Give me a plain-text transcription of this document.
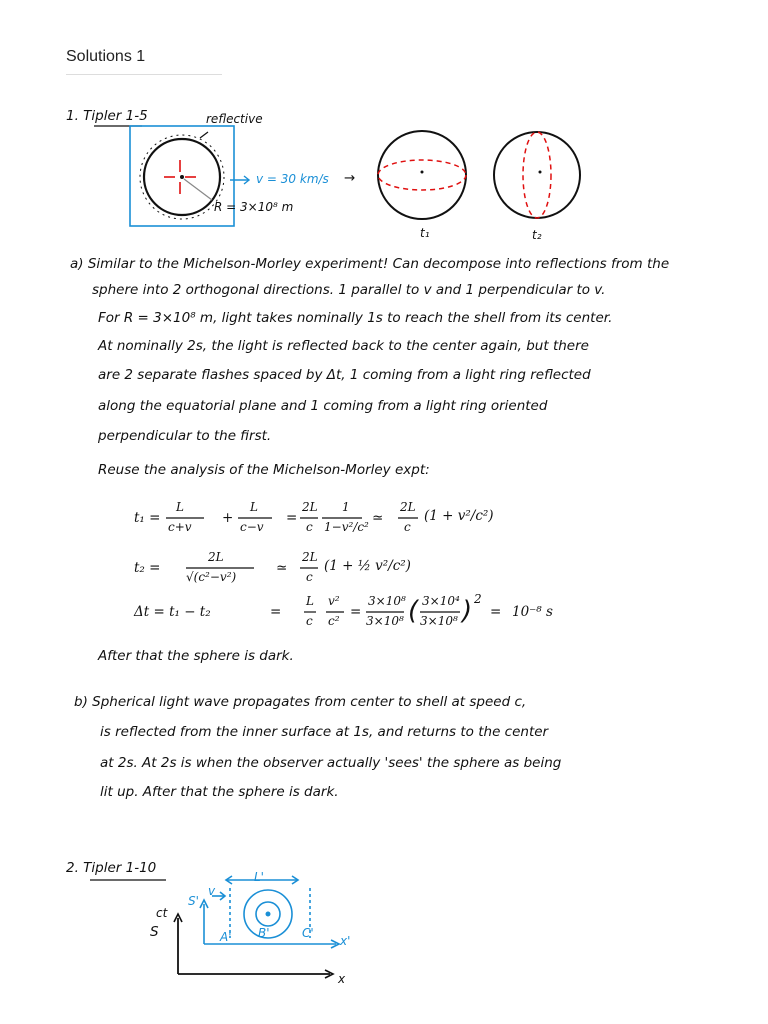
Solutions 1
1. Tipler 1-5	reflective
v = 30 km/s →
R = 3×10⁸ m
t₁	t₂
a) Similar to the Michelson-Morley experiment! Can decompose into reflections from the
sphere into 2 orthogonal directions. 1 parallel to v and 1 perpendicular to v.
For R = 3×10⁸ m, light takes nominally 1s to reach the shell from its center.
At nominally 2s, the light is reflected back to the center again, but there
are 2 separate flashes spaced by Δt, 1 coming from a light ring reflected
along the equatorial plane and 1 coming from a light ring oriented
perpendicular to the first.
Reuse the analysis of the Michelson-Morley expt:
t₁ =
L
c+v
+
L
c−v
=
2L
c
1
1−v²/c²
≃
2L
c
(1 + v²/c²)
t₂ =
2L
√(c²−v²)
≃
2L
c
(1 + ½ v²/c²)
Δt = t₁ − t₂	=
L
c
v²
c²
=
3×10⁸
3×10⁸ ( 3×10⁴
3×10⁸ ) 2
= 10⁻⁸ s
After that the sphere is dark.
b) Spherical light wave propagates from center to shell at speed c,
is reflected from the inner surface at 1s, and returns to the center
at 2s. At 2s is when the observer actually 'sees' the sphere as being
lit up. After that the sphere is dark.
2. Tipler 1-10
L'
S'
v
ct
S	A' B'	C'
x'
x
